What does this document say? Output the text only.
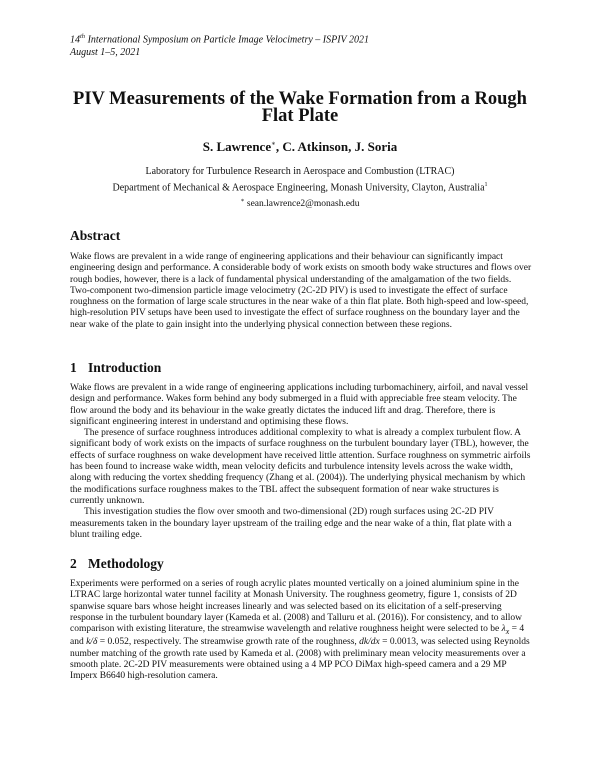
14th International Symposium on Particle Image Velocimetry – ISPIV 2021
August 1–5, 2021
PIV Measurements of the Wake Formation from a Rough Flat Plate
S. Lawrence∗, C. Atkinson, J. Soria
Laboratory for Turbulence Research in Aerospace and Combustion (LTRAC)
Department of Mechanical & Aerospace Engineering, Monash University, Clayton, Australia$^1$
∗ sean.lawrence2@monash.edu
Abstract

Wake flows are prevalent in a wide range of engineering applications and their behaviour can significantly impact engineering design and performance. A considerable body of work exists on smooth body wake structures and flows over rough bodies, however, there is a lack of fundamental physical understanding of the amalgamation of the two fields. Two-component two-dimension particle image velocimetry (2C-2D PIV) is used to investigate the effect of surface roughness on the formation of large scale structures in the near wake of a thin flat plate. Both high-speed and low-speed, high-resolution PIV setups have been used to investigate the effect of surface roughness on the boundary layer and the near wake of the plate to gain insight into the underlying physical connection between these regions.

1 Introduction

Wake flows are prevalent in a wide range of engineering applications including turbomachinery, airfoil, and naval vessel design and performance. Wakes form behind any body submerged in a fluid with appreciable free steam velocity. The flow around the body and its behaviour in the wake greatly dictates the induced lift and drag. Therefore, there is significant engineering interest in understand and optimising these flows.

The presence of surface roughness introduces additional complexity to what is already a complex turbulent flow. A significant body of work exists on the impacts of surface roughness on the turbulent boundary layer (TBL), however, the effects of surface roughness on wake development have received little attention. Surface roughness on symmetric airfoils has been found to increase wake width, mean velocity deficits and turbulence intensity levels across the wake width, along with reducing the vortex shedding frequency (Zhang et al. (2004)). The underlying physical mechanism by which the modifications surface roughness makes to the TBL affect the subsequent formation of near wake structures is currently unknown.

This investigation studies the flow over smooth and two-dimensional (2D) rough surfaces using 2C-2D PIV measurements taken in the boundary layer upstream of the trailing edge and the near wake of a thin, flat plate with a blunt trailing edge.

2 Methodology

Experiments were performed on a series of rough acrylic plates mounted vertically on a joined aluminium spine in the LTRAC large horizontal water tunnel facility at Monash University. The roughness geometry, figure 1, consists of 2D spanwise square bars whose height increases linearly and was selected based on its elicitation of a self-preserving response in the turbulent boundary layer (Kameda et al. (2008) and Talluru et al. (2016)). For consistency, and to allow comparison with existing literature, the streamwise wavelength and relative roughness height were selected to be $\lambda_x = 4$ and k/δ = 0.052, respectively. The streamwise growth rate of the roughness, dk/dx = 0.0013, was selected using Reynolds number matching of the growth rate used by Kameda et al. (2008) with preliminary mean velocity measurements over a smooth plate. 2C-2D PIV measurements were obtained using a 4 MP PCO DiMax high-speed camera and a 29 MP Imperx B6640 high-resolution camera.
